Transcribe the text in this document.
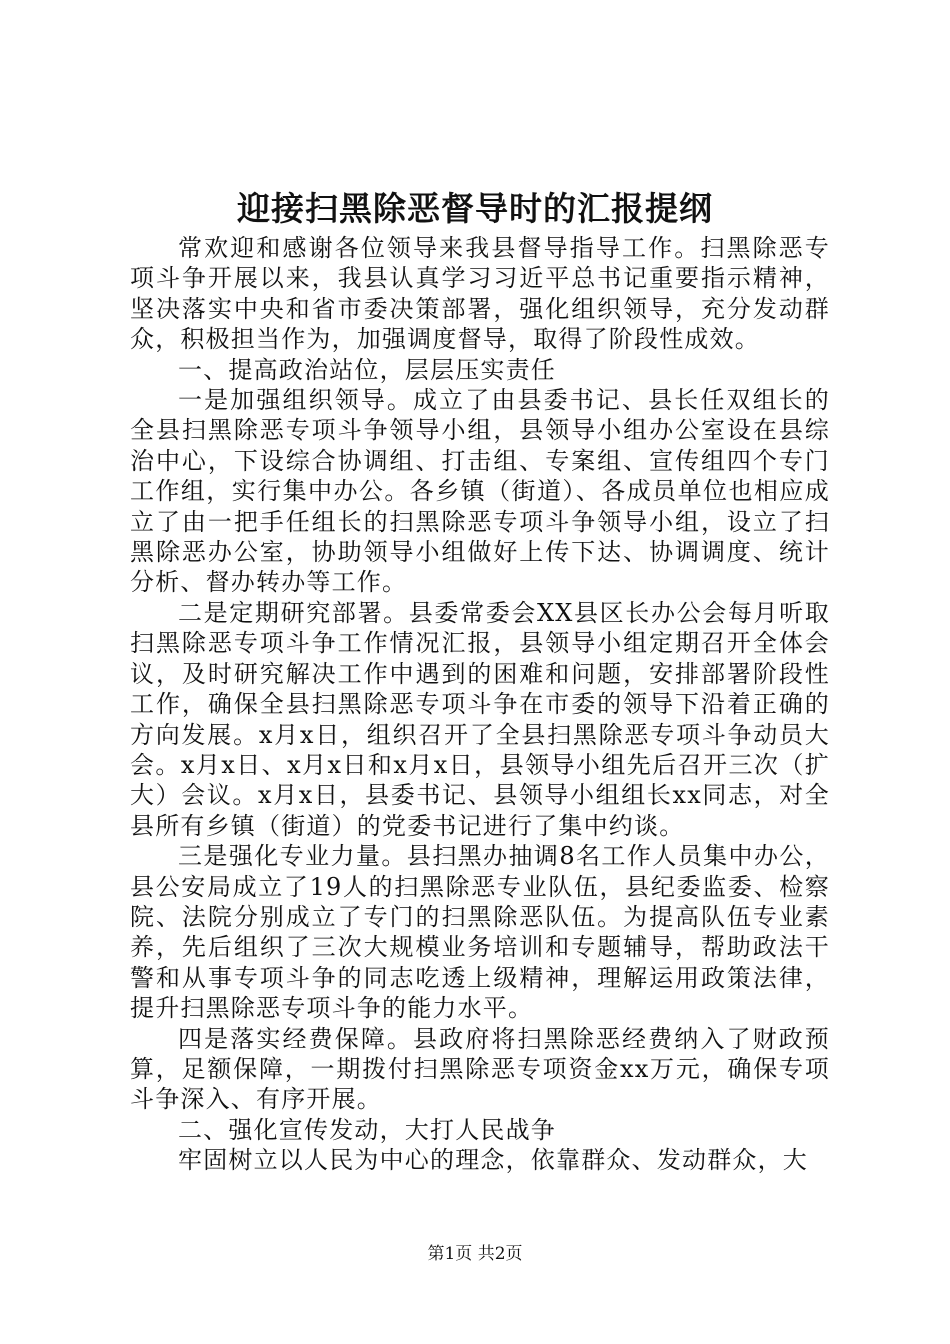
迎接扫黑除恶督导时的汇报提纲

常欢迎和感谢各位领导来我县督导指导工作。扫黑除恶专项斗争开展以来，我县认真学习习近平总书记重要指示精神，坚决落实中央和省市委决策部署，强化组织领导，充分发动群众，积极担当作为，加强调度督导，取得了阶段性成效。

一、提高政治站位，层层压实责任

一是加强组织领导。成立了由县委书记、县长任双组长的全县扫黑除恶专项斗争领导小组，县领导小组办公室设在县综治中心，下设综合协调组、打击组、专案组、宣传组四个专门工作组，实行集中办公。各乡镇（街道）、各成员单位也相应成立了由一把手任组长的扫黑除恶专项斗争领导小组，设立了扫黑除恶办公室，协助领导小组做好上传下达、协调调度、统计分析、督办转办等工作。

二是定期研究部署。县委常委会XX县区长办公会每月听取扫黑除恶专项斗争工作情况汇报，县领导小组定期召开全体会议，及时研究解决工作中遇到的困难和问题，安排部署阶段性工作，确保全县扫黑除恶专项斗争在市委的领导下沿着正确的方向发展。x月x日，组织召开了全县扫黑除恶专项斗争动员大会。x月x日、x月x日和x月x日，县领导小组先后召开三次（扩大）会议。x月x日，县委书记、县领导小组组长xx同志，对全县所有乡镇（街道）的党委书记进行了集中约谈。

三是强化专业力量。县扫黑办抽调8名工作人员集中办公，县公安局成立了19人的扫黑除恶专业队伍，县纪委监委、检察院、法院分别成立了专门的扫黑除恶队伍。为提高队伍专业素养，先后组织了三次大规模业务培训和专题辅导，帮助政法干警和从事专项斗争的同志吃透上级精神，理解运用政策法律，提升扫黑除恶专项斗争的能力水平。

四是落实经费保障。县政府将扫黑除恶经费纳入了财政预算，足额保障，一期拨付扫黑除恶专项资金xx万元，确保专项斗争深入、有序开展。

二、强化宣传发动，大打人民战争

牢固树立以人民为中心的理念，依靠群众、发动群众，大

第1页 共2页
